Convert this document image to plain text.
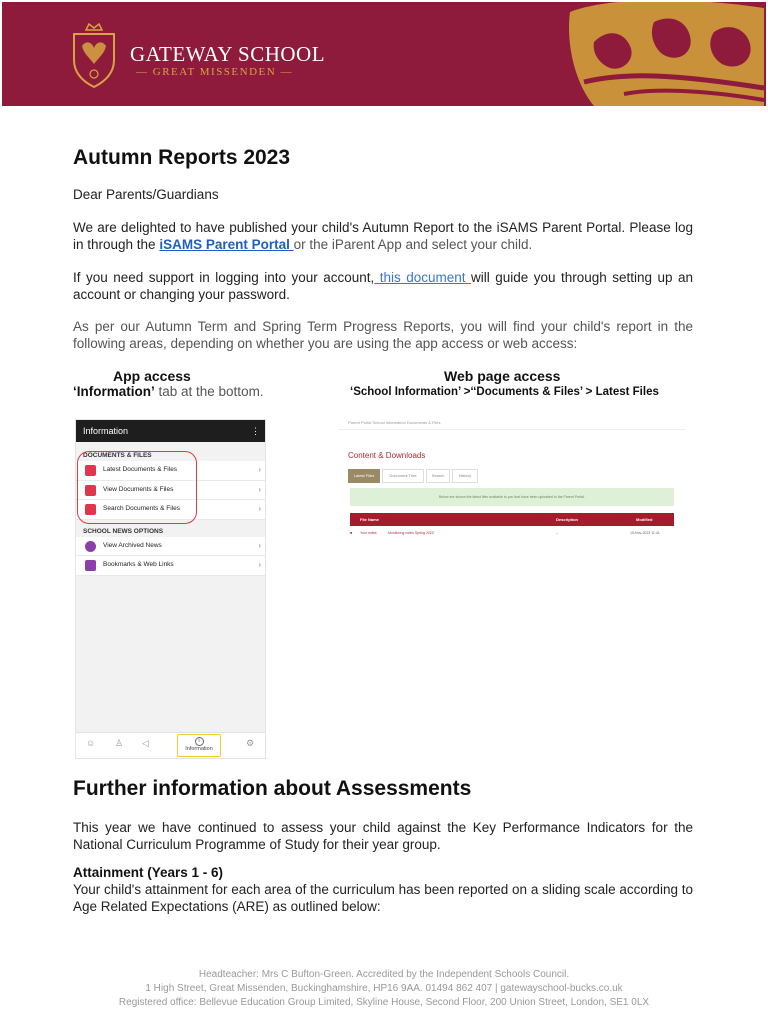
GATEWAY SCHOOL
— GREAT MISSENDEN —
Autumn Reports 2023
Dear Parents/Guardians
We are delighted to have published your child's Autumn Report to the iSAMS Parent Portal. Please log in through the iSAMS Parent Portal or the iParent App and select your child.
If you need support in logging into your account, this document will guide you through setting up an account or changing your password.
As per our Autumn Term and Spring Term Progress Reports, you will find your child's report in the following areas, depending on whether you are using the app access or web access:
App access
‘Information’ tab at the bottom.
Web page access
‘School Information’ >‘‘Documents & Files’ > Latest Files
Information	⋮
DOCUMENTS & FILES
Latest Documents & Files	›
View Documents & Files	›
Search Documents & Files	›
SCHOOL NEWS OPTIONS
View Archived News	›
Bookmarks & Web Links	›
☺ ♙ ◁	i
Information
⚙
Parent Portal School Information Documents & Files
Content & Downloads
Latest Files	Document Tree	Search	History
Below are shown the latest files available to you that have been uploaded to the Parent Portal.
File Name	Description	Modified
■ Your notes	Monitoring notes Spring 2023	–	15-Nov-2023 11:41
Further information about Assessments
This year we have continued to assess your child against the Key Performance Indicators for the National Curriculum Programme of Study for their year group.
Attainment (Years 1 - 6)
Your child's attainment for each area of the curriculum has been reported on a sliding scale according to Age Related Expectations (ARE) as outlined below:
Headteacher: Mrs C Bufton-Green. Accredited by the Independent Schools Council.
1 High Street, Great Missenden, Buckinghamshire, HP16 9AA. 01494 862 407 | gatewayschool-bucks.co.uk
Registered office: Bellevue Education Group Limited, Skyline House, Second Floor, 200 Union Street, London, SE1 0LX
